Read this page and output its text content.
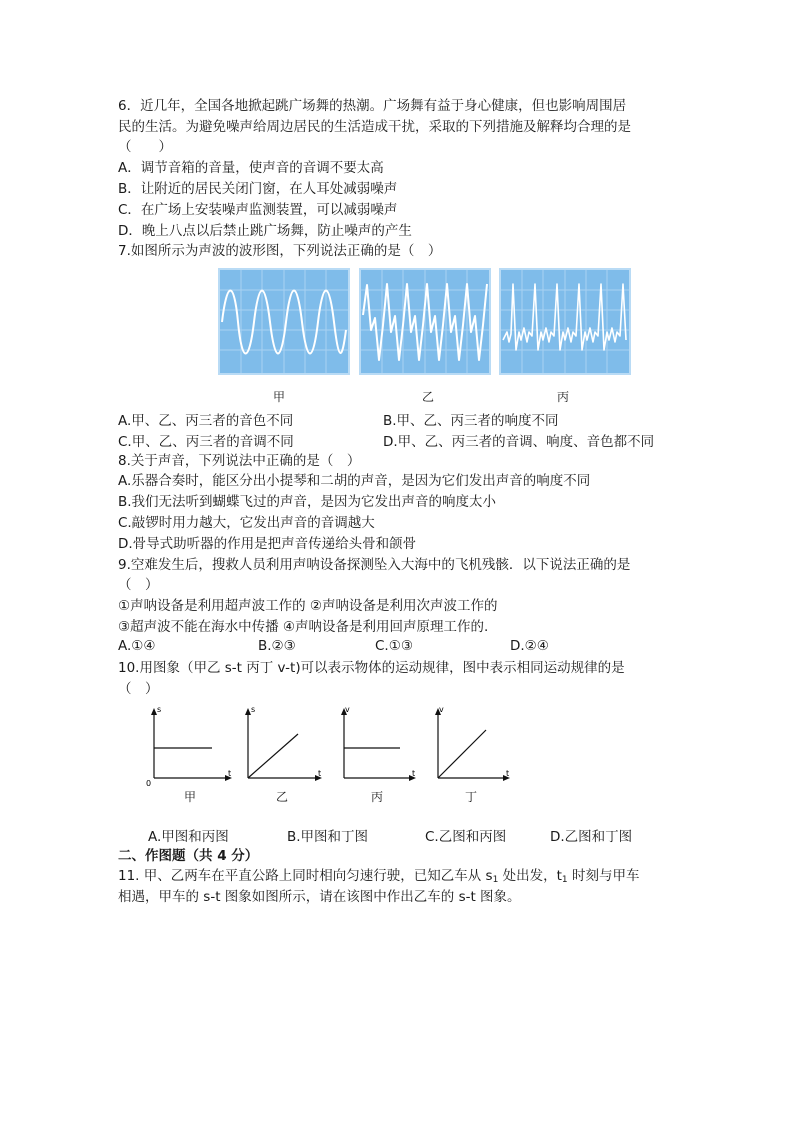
6．近几年，全国各地掀起跳广场舞的热潮。广场舞有益于身心健康，但也影响周围居
民的生活。为避免噪声给周边居民的生活造成干扰，采取的下列措施及解释均合理的是
（　　）
A．调节音箱的音量，使声音的音调不要太高
B．让附近的居民关闭门窗，在人耳处减弱噪声
C．在广场上安装噪声监测装置，可以减弱噪声
D．晚上八点以后禁止跳广场舞，防止噪声的产生
7.如图所示为声波的波形图，下列说法正确的是（　）
甲	乙	丙
A.甲、乙、丙三者的音色不同	B.甲、乙、丙三者的响度不同
C.甲、乙、丙三者的音调不同	D.甲、乙、丙三者的音调、响度、音色都不同
8.关于声音，下列说法中正确的是（　）
A.乐器合奏时，能区分出小提琴和二胡的声音，是因为它们发出声音的响度不同
B.我们无法听到蝴蝶飞过的声音，是因为它发出声音的响度太小
C.敲锣时用力越大，它发出声音的音调越大
D.骨导式助听器的作用是把声音传递给头骨和颌骨
9.空难发生后，搜救人员利用声呐设备探测坠入大海中的飞机残骸．以下说法正确的是
（　）
①声呐设备是利用超声波工作的 ②声呐设备是利用次声波工作的
③超声波不能在海水中传播 ④声呐设备是利用回声原理工作的.
A.①④	B.②③	C.①③	D.②④
10.用图象（甲乙 s-t 丙丁 v-t)可以表示物体的运动规律，图中表示相同运动规律的是
（　）
s
0
t
s
t
v
t
v
t
甲	乙	丙	丁
A.甲图和丙图	B.甲图和丁图	C.乙图和丙图	D.乙图和丁图
二、作图题（共 4 分）
11. 甲、乙两车在平直公路上同时相向匀速行驶，已知乙车从 $s_1$ 处出发，$t_1$ 时刻与甲车
相遇，甲车的 s-t 图象如图所示，请在该图中作出乙车的 s-t 图象。
